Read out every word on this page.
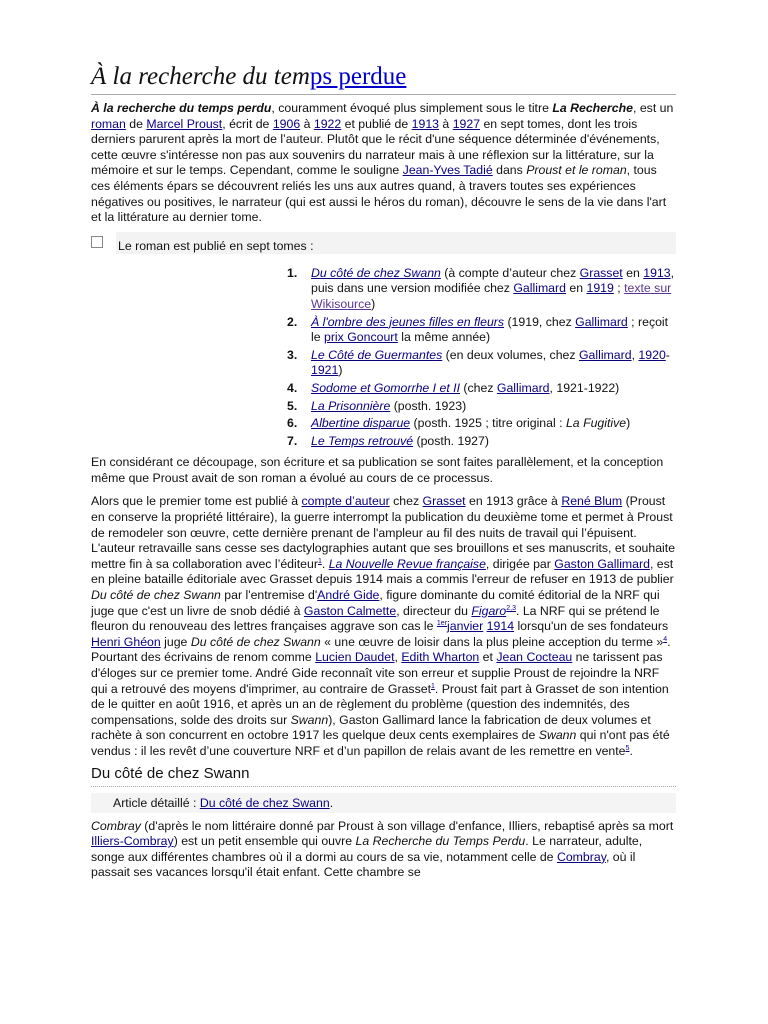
À la recherche du temps perdue

À la recherche du temps perdu, couramment évoqué plus simplement sous le titre La Recherche, est un roman de Marcel Proust, écrit de 1906 à 1922 et publié de 1913 à 1927 en sept tomes, dont les trois derniers parurent après la mort de l’auteur. Plutôt que le récit d'une séquence déterminée d'événements, cette œuvre s'intéresse non pas aux souvenirs du narrateur mais à une réflexion sur la littérature, sur la mémoire et sur le temps. Cependant, comme le souligne Jean-Yves Tadié dans Proust et le roman, tous ces éléments épars se découvrent reliés les uns aux autres quand, à travers toutes ses expériences négatives ou positives, le narrateur (qui est aussi le héros du roman), découvre le sens de la vie dans l'art et la littérature au dernier tome.

Le roman est publié en sept tomes :
1.	Du côté de chez Swann (à compte d’auteur chez Grasset en 1913, puis dans une version modifiée chez Gallimard en 1919 ; texte sur Wikisource)
2.	À l'ombre des jeunes filles en fleurs (1919, chez Gallimard ; reçoit le prix Goncourt la même année)
3.	Le Côté de Guermantes (en deux volumes, chez Gallimard, 1920-1921)
4.	Sodome et Gomorrhe I et II (chez Gallimard, 1921-1922)
5.	La Prisonnière (posth. 1923)
6.	Albertine disparue (posth. 1925 ; titre original : La Fugitive)
7.	Le Temps retrouvé (posth. 1927)

En considérant ce découpage, son écriture et sa publication se sont faites parallèlement, et la conception même que Proust avait de son roman a évolué au cours de ce processus.

Alors que le premier tome est publié à compte d’auteur chez Grasset en 1913 grâce à René Blum (Proust en conserve la propriété littéraire), la guerre interrompt la publication du deuxième tome et permet à Proust de remodeler son œuvre, cette dernière prenant de l'ampleur au fil des nuits de travail qui l’épuisent. L'auteur retravaille sans cesse ses dactylographies autant que ses brouillons et ses manuscrits, et souhaite mettre fin à sa collaboration avec l’éditeur$^1$. La Nouvelle Revue française, dirigée par Gaston Gallimard, est en pleine bataille éditoriale avec Grasset depuis 1914 mais a commis l'erreur de refuser en 1913 de publier Du côté de chez Swann par l'entremise d'André Gide, figure dominante du comité éditorial de la NRF qui juge que c'est un livre de snob dédié à Gaston Calmette, directeur du Figaro$^{2,3}$. La NRF qui se prétend le fleuron du renouveau des lettres françaises aggrave son cas le $^{1er}$janvier 1914 lorsqu'un de ses fondateurs Henri Ghéon juge Du côté de chez Swann « une œuvre de loisir dans la plus pleine acception du terme »$^4$. Pourtant des écrivains de renom comme Lucien Daudet, Edith Wharton et Jean Cocteau ne tarissent pas d'éloges sur ce premier tome. André Gide reconnaît vite son erreur et supplie Proust de rejoindre la NRF qui a retrouvé des moyens d'imprimer, au contraire de Grasset$^1$. Proust fait part à Grasset de son intention de le quitter en août 1916, et après un an de règlement du problème (question des indemnités, des compensations, solde des droits sur Swann), Gaston Gallimard lance la fabrication de deux volumes et rachète à son concurrent en octobre 1917 les quelque deux cents exemplaires de Swann qui n'ont pas été vendus : il les revêt d’une couverture NRF et d’un papillon de relais avant de les remettre en vente$^5$.

Du côté de chez Swann
Article détaillé : Du côté de chez Swann.

Combray (d'après le nom littéraire donné par Proust à son village d'enfance, Illiers, rebaptisé après sa mort Illiers-Combray) est un petit ensemble qui ouvre La Recherche du Temps Perdu. Le narrateur, adulte, songe aux différentes chambres où il a dormi au cours de sa vie, notamment celle de Combray, où il passait ses vacances lorsqu'il était enfant. Cette chambre se
